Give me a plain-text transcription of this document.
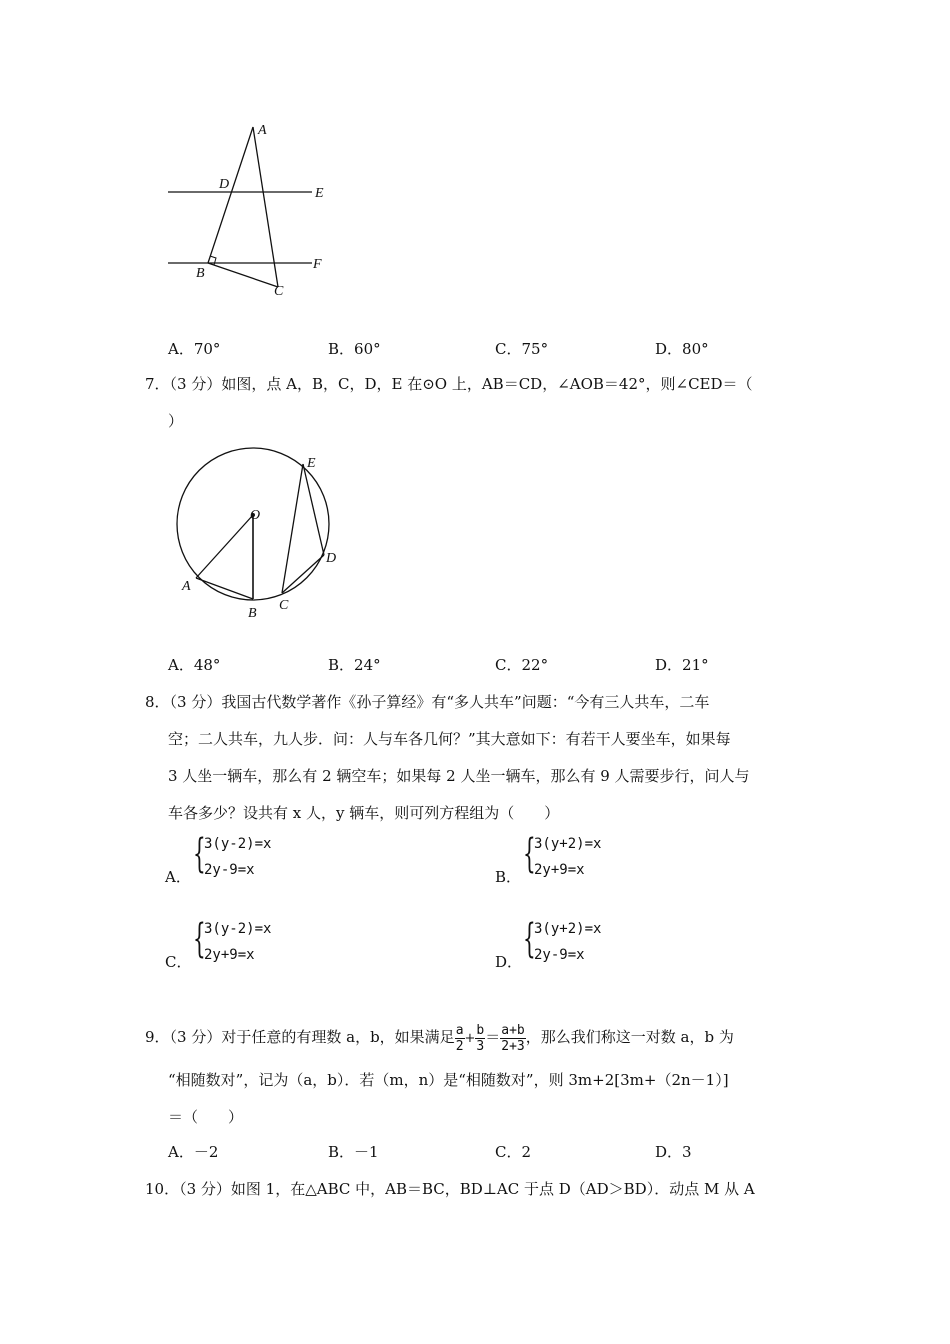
A
D
E
B
F
C
A．70°	B．60°	C．75°	D．80°
7．（3 分）如图，点 A，B，C，D，E 在⊙O 上，AB＝CD，∠AOB＝42°，则∠CED＝（
）
E
O
D
A
B
C
A．48°	B．24°	C．22°	D．21°
8．（3 分）我国古代数学著作《孙子算经》有“多人共车”问题：“今有三人共车，二车
空；二人共车，九人步．问：人与车各几何？”其大意如下：有若干人要坐车，如果每
3 人坐一辆车，那么有 2 辆空车；如果每 2 人坐一辆车，那么有 9 人需要步行，问人与
车各多少？设共有 x 人，y 辆车，则可列方程组为（　　）
A． {
3(y-2)=x
2y-9=x	B． {
3(y+2)=x
2y+9=x
C． {
3(y-2)=x
2y+9=x	D． {
3(y+2)=x
2y-9=x
9．（3 分）对于任意的有理数 a，b，如果满足 $\frac{a}{2} + \frac{b}{3} = \frac{a+b}{2+3}$ ，那么我们称这一对数 a，b 为
“相随数对”，记为（a，b）．若（m，n）是“相随数对”，则 3m+2[3m+（2n－1）]
＝（　　）
A．－2	B．－1	C．2	D．3
10．（3 分）如图 1，在△ABC 中，AB＝BC，BD⊥AC 于点 D（AD＞BD）．动点 M 从 A
